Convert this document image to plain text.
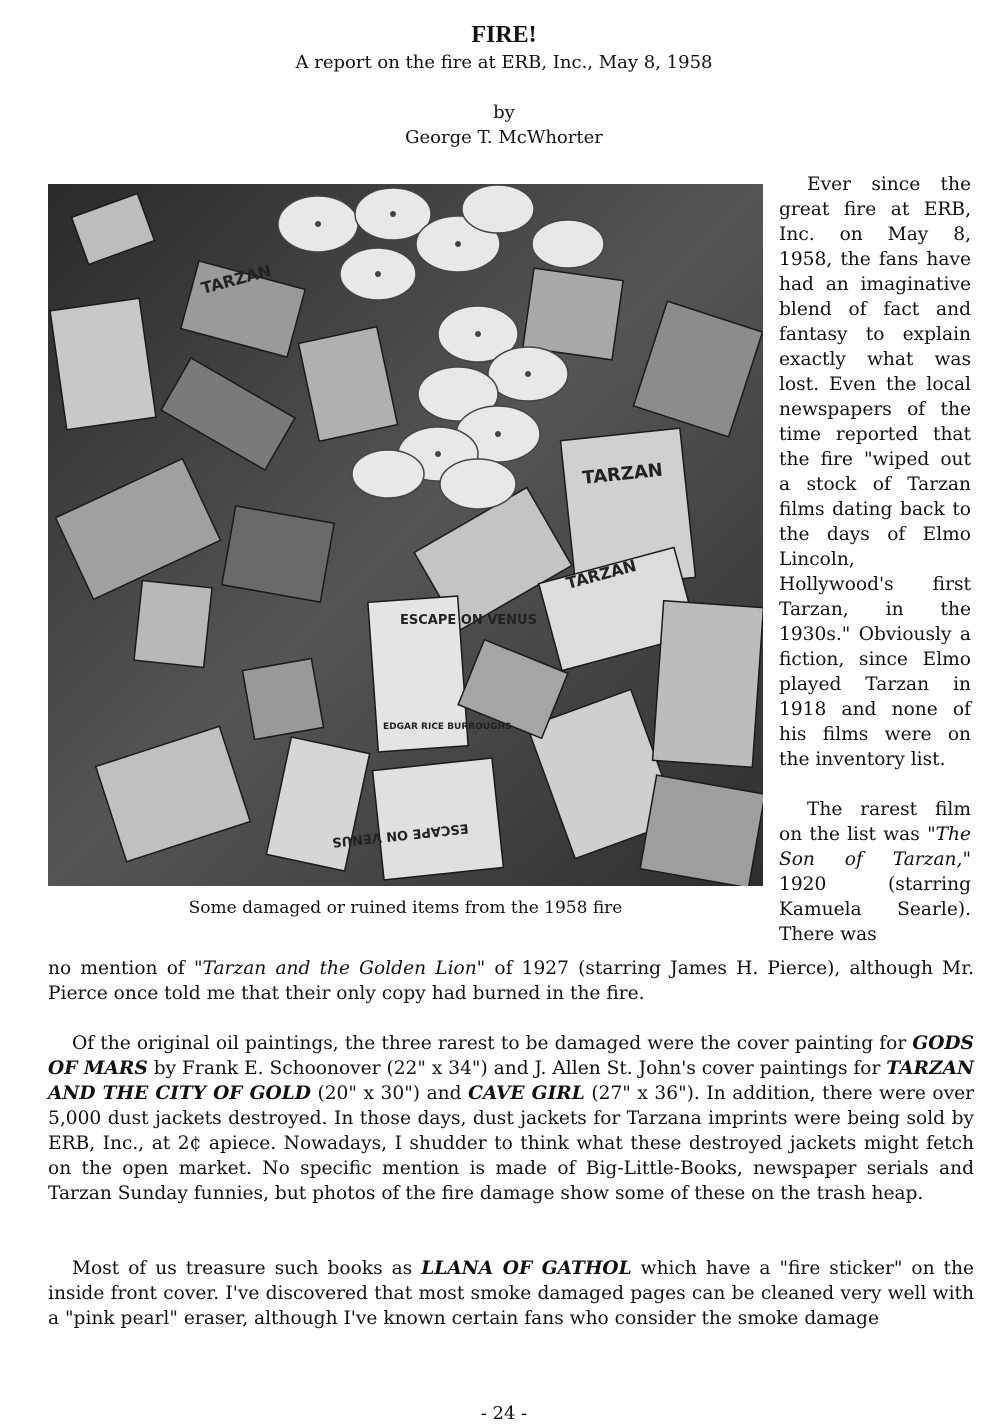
FIRE!

A report on the fire at ERB, Inc., May 8, 1958

by

George T. McWhorter

TARZAN
ESCAPE ON VENUS
EDGAR RICE BURROUGHS
TARZAN
ESCAPE ON VENUS
TARZAN

Some damaged or ruined items from the 1958 fire

Ever since the great fire at ERB, Inc. on May 8, 1958, the fans have had an imaginative blend of fact and fantasy to explain exactly what was lost. Even the local newspapers of the time reported that the fire "wiped out a stock of Tarzan films dating back to the days of Elmo Lincoln, Hollywood's first Tarzan, in the 1930s." Obviously a fiction, since Elmo played Tarzan in 1918 and none of his films were on the inventory list.

The rarest film on the list was "The Son of Tarzan," 1920 (starring Kamuela Searle). There was

no mention of "Tarzan and the Golden Lion" of 1927 (starring James H. Pierce), although Mr. Pierce once told me that their only copy had burned in the fire.

Of the original oil paintings, the three rarest to be damaged were the cover painting for GODS OF MARS by Frank E. Schoonover (22" x 34") and J. Allen St. John's cover paintings for TARZAN AND THE CITY OF GOLD (20" x 30") and CAVE GIRL (27" x 36"). In addition, there were over 5,000 dust jackets destroyed. In those days, dust jackets for Tarzana imprints were being sold by ERB, Inc., at 2¢ apiece. Nowadays, I shudder to think what these destroyed jackets might fetch on the open market. No specific mention is made of Big-Little-Books, newspaper serials and Tarzan Sunday funnies, but photos of the fire damage show some of these on the trash heap.

Most of us treasure such books as LLANA OF GATHOL which have a "fire sticker" on the inside front cover. I've discovered that most smoke damaged pages can be cleaned very well with a "pink pearl" eraser, although I've known certain fans who consider the smoke damage

- 24 -
